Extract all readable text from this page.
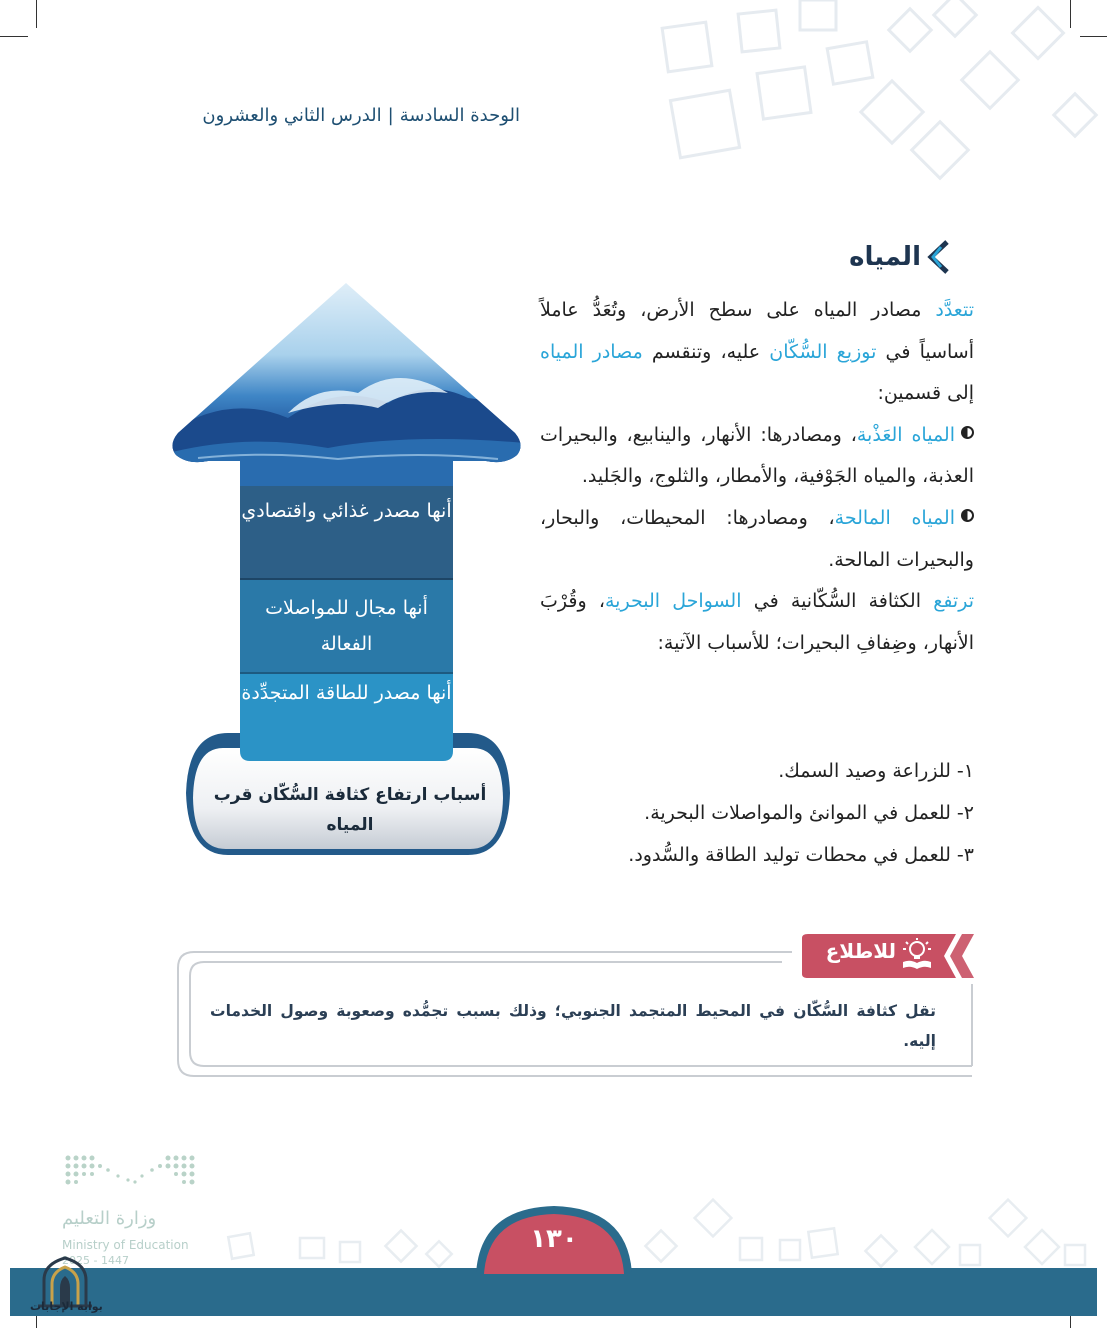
الوحدة السادسة|الدرس الثاني والعشرون
المياه

تتعدَّد مصادر المياه على سطح الأرض، وتُعَدُّ عاملاً أساسياً في توزيع السُّكّان عليه، وتنقسم مصادر المياه إلى قسمين:

المياه العَذْبة، ومصادرها: الأنهار، والينابيع، والبحيرات العذبة، والمياه الجَوْفية، والأمطار، والثلوج، والجَليد.

المياه المالحة، ومصادرها: المحيطات، والبحار، والبحيرات المالحة.

ترتفع الكثافة السُّكّانية في السواحل البحرية، وقُرْبَ الأنهار، وضِفافِ البحيرات؛ للأسباب الآتية:

١- للزراعة وصيد السمك.
٢- للعمل في الموانئ والمواصلات البحرية.
٣- للعمل في محطات توليد الطاقة والسُّدود.
أنها مصدر غذائي واقتصادي
أنها مجال للمواصلات الفعالة
أنها مصدر للطاقة المتجدِّدة
أسباب ارتفاع كثافة السُّكّان قرب المياه
للاطلاع
تقل كثافة السُّكّان في المحيط المتجمد الجنوبي؛ وذلك بسبب تجمُّده وصعوبة وصول الخدمات إليه.
١٣٠
وزارة التعليم
Ministry of Education
2025 - 1447
بوابة الإجابات
